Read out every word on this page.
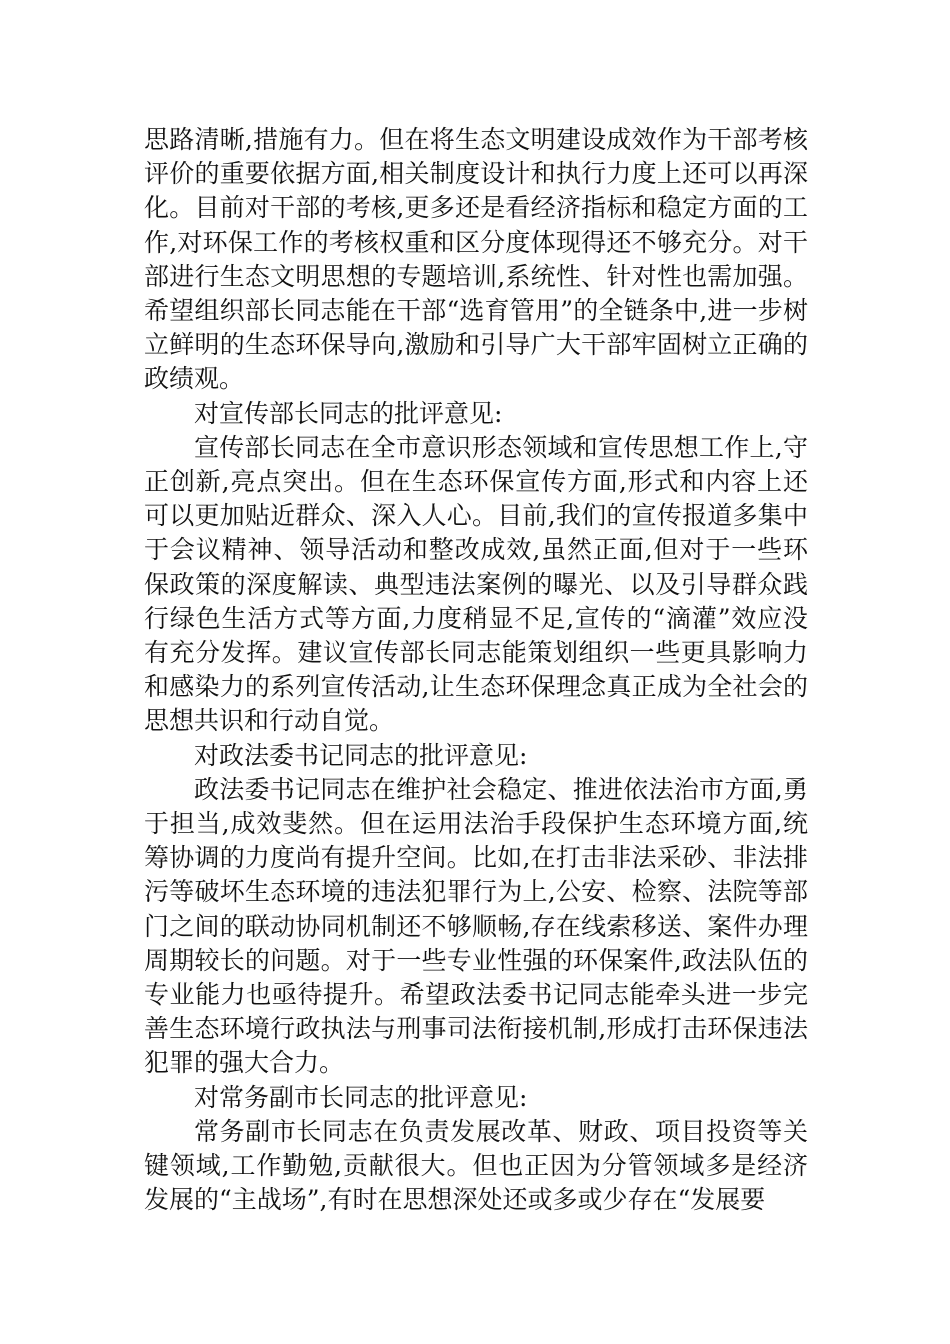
思路清晰,措施有力。但在将生态文明建设成效作为干部考核评价的重要依据方面,相关制度设计和执行力度上还可以再深化。目前对干部的考核,更多还是看经济指标和稳定方面的工作,对环保工作的考核权重和区分度体现得还不够充分。对干部进行生态文明思想的专题培训,系统性、针对性也需加强。希望组织部长同志能在干部“选育管用”的全链条中,进一步树立鲜明的生态环保导向,激励和引导广大干部牢固树立正确的政绩观。

对宣传部长同志的批评意见:

宣传部长同志在全市意识形态领域和宣传思想工作上,守正创新,亮点突出。但在生态环保宣传方面,形式和内容上还可以更加贴近群众、深入人心。目前,我们的宣传报道多集中于会议精神、领导活动和整改成效,虽然正面,但对于一些环保政策的深度解读、典型违法案例的曝光、以及引导群众践行绿色生活方式等方面,力度稍显不足,宣传的“滴灌”效应没有充分发挥。建议宣传部长同志能策划组织一些更具影响力和感染力的系列宣传活动,让生态环保理念真正成为全社会的思想共识和行动自觉。

对政法委书记同志的批评意见:

政法委书记同志在维护社会稳定、推进依法治市方面,勇于担当,成效斐然。但在运用法治手段保护生态环境方面,统筹协调的力度尚有提升空间。比如,在打击非法采砂、非法排污等破坏生态环境的违法犯罪行为上,公安、检察、法院等部门之间的联动协同机制还不够顺畅,存在线索移送、案件办理周期较长的问题。对于一些专业性强的环保案件,政法队伍的专业能力也亟待提升。希望政法委书记同志能牵头进一步完善生态环境行政执法与刑事司法衔接机制,形成打击环保违法犯罪的强大合力。

对常务副市长同志的批评意见:

常务副市长同志在负责发展改革、财政、项目投资等关键领域,工作勤勉,贡献很大。但也正因为分管领域多是经济发展的“主战场”,有时在思想深处还或多或少存在“发展要
